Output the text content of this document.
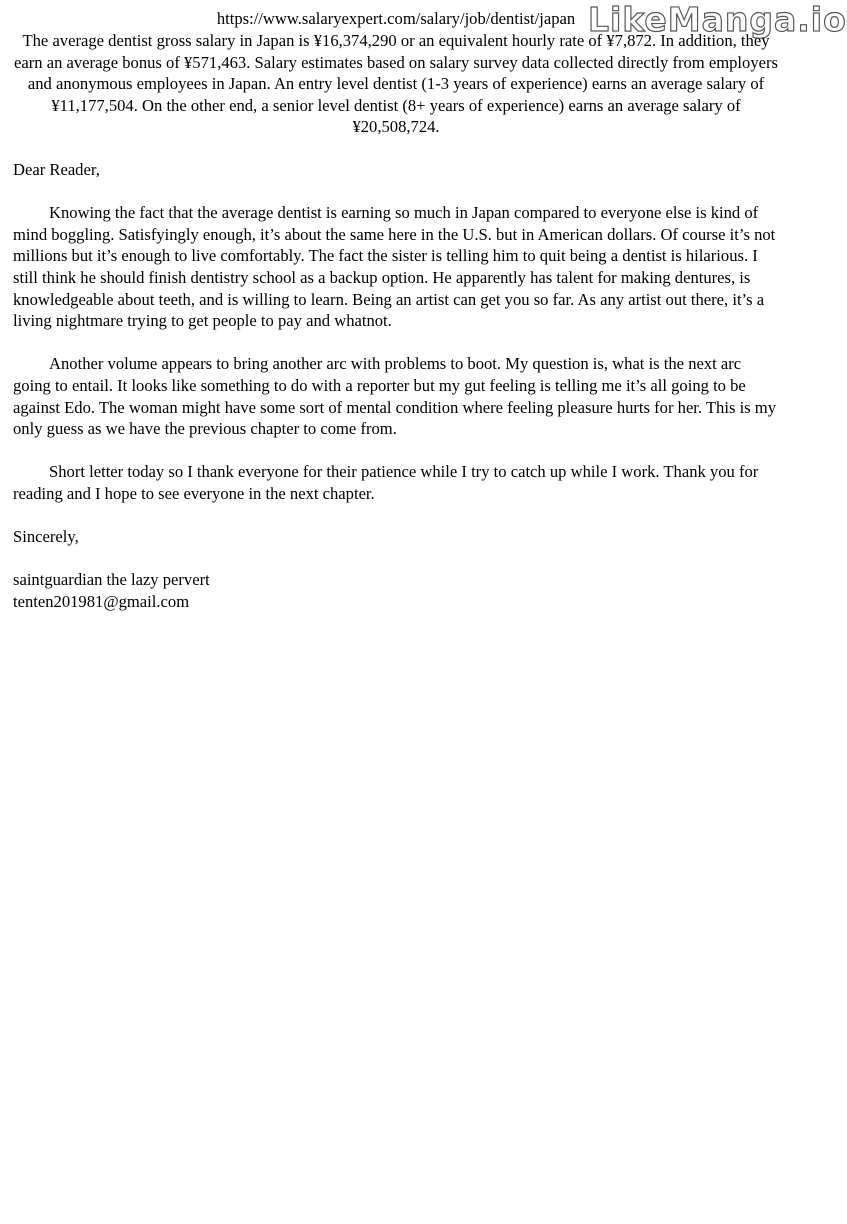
https://www.salaryexpert.com/salary/job/dentist/japan
The average dentist gross salary in Japan is ¥16,374,290 or an equivalent hourly rate of ¥7,872. In addition, they earn an average bonus of ¥571,463. Salary estimates based on salary survey data collected directly from employers and anonymous employees in Japan. An entry level dentist (1-3 years of experience) earns an average salary of ¥11,177,504. On the other end, a senior level dentist (8+ years of experience) earns an average salary of ¥20,508,724.
LikeManga.io

Dear Reader,

Knowing the fact that the average dentist is earning so much in Japan compared to everyone else is kind of mind boggling. Satisfyingly enough, it’s about the same here in the U.S. but in American dollars. Of course it’s not millions but it’s enough to live comfortably. The fact the sister is telling him to quit being a dentist is hilarious. I still think he should finish dentistry school as a backup option. He apparently has talent for making dentures, is knowledgeable about teeth, and is willing to learn. Being an artist can get you so far. As any artist out there, it’s a living nightmare trying to get people to pay and whatnot.

Another volume appears to bring another arc with problems to boot. My question is, what is the next arc going to entail. It looks like something to do with a reporter but my gut feeling is telling me it’s all going to be against Edo. The woman might have some sort of mental condition where feeling pleasure hurts for her. This is my only guess as we have the previous chapter to come from.

Short letter today so I thank everyone for their patience while I try to catch up while I work. Thank you for reading and I hope to see everyone in the next chapter.

Sincerely,

saintguardian the lazy pervert

tenten201981@gmail.com
